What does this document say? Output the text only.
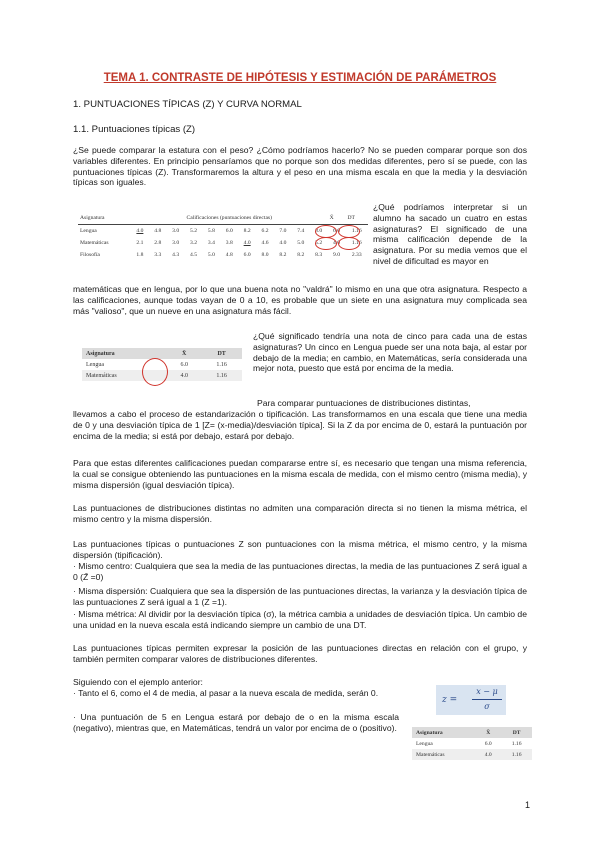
TEMA 1. CONTRASTE DE HIPÓTESIS Y ESTIMACIÓN DE PARÁMETROS
1. PUNTUACIONES TÍPICAS (Z) Y CURVA NORMAL
1.1. Puntuaciones típicas (Z)

¿Se puede comparar la estatura con el peso? ¿Cómo podríamos hacerlo? No se pueden comparar porque son dos variables diferentes. En principio pensaríamos que no porque son dos medidas diferentes, pero sí se puede, con las puntuaciones típicas (Z). Transformaremos la altura y el peso en una misma escala en que la media y la desviación típicas son iguales.

Asignatura	Calificaciones (puntuaciones directas)											X̄	DT
Lengua	4.0	4.8	3.0	5.2	5.8	6.0	8.2	6.2	7.0	7.4	8.0	6.0	1.16
Matemáticas	2.1	2.8	3.0	3.2	3.4	3.8	4.0	4.6	4.0	5.0	5.2	4.0	1.16
Filosofía	1.8	3.3	4.3	4.5	5.0	4.8	6.0	8.0	8.2	8.2	8.3	9.0	2.33

¿Qué podríamos interpretar si un alumno ha sacado un cuatro en estas asignaturas? El significado de una misma calificación depende de la asignatura. Por su media vemos que el nivel de dificultad es mayor en

matemáticas que en lengua, por lo que una buena nota no "valdrá" lo mismo en una que otra asignatura. Respecto a las calificaciones, aunque todas vayan de 0 a 10, es probable que un siete en una asignatura muy complicada sea más "valioso", que un nueve en una asignatura más fácil.

Asignatura	X̄	DT
Lengua	6.0	1.16
Matemáticas	4.0	1.16

¿Qué significado tendría una nota de cinco para cada una de estas asignaturas? Un cinco en Lengua puede ser una nota baja, al estar por debajo de la media; en cambio, en Matemáticas, sería considerada una mejor nota, puesto que está por encima de la media.

Para comparar puntuaciones de distribuciones distintas,

llevamos a cabo el proceso de estandarización o tipificación. Las transformamos en una escala que tiene una media de 0 y una desviación típica de 1 [Z= (x-media)/desviación típica]. Si la Z da por encima de 0, estará la puntuación por encima de la media; si está por debajo, estará por debajo.

Para que estas diferentes calificaciones puedan compararse entre sí, es necesario que tengan una misma referencia, la cual se consigue obteniendo las puntuaciones en la misma escala de medida, con el mismo centro (misma media), y misma dispersión (igual desviación típica).

Las puntuaciones de distribuciones distintas no admiten una comparación directa si no tienen la misma métrica, el mismo centro y la misma dispersión.

Las puntuaciones típicas o puntuaciones Z son puntuaciones con la misma métrica, el mismo centro, y la misma dispersión (tipificación).

· Mismo centro: Cualquiera que sea la media de las puntuaciones directas, la media de las puntuaciones Z será igual a 0 (Z̄ =0)

· Misma dispersión: Cualquiera que sea la dispersión de las puntuaciones directas, la varianza y la desviación típica de las puntuaciones Z será igual a 1 (Z =1).

· Misma métrica: Al dividir por la desviación típica (σ), la métrica cambia a unidades de desviación típica. Un cambio de una unidad en la nueva escala está indicando siempre un cambio de una DT.

Las puntuaciones típicas permiten expresar la posición de las puntuaciones directas en relación con el grupo, y también permiten comparar valores de distribuciones diferentes.

Siguiendo con el ejemplo anterior:

· Tanto el 6, como el 4 de media, al pasar a la nueva escala de medida, serán 0.

· Una puntuación de 5 en Lengua estará por debajo de o en la misma escala (negativo), mientras que, en Matemáticas, tendrá un valor por encima de o (positivo).

z =
x − μ
σ
Asignatura	X̄	DT
Lengua	6.0	1.16
Matemáticas	4.0	1.16
1
